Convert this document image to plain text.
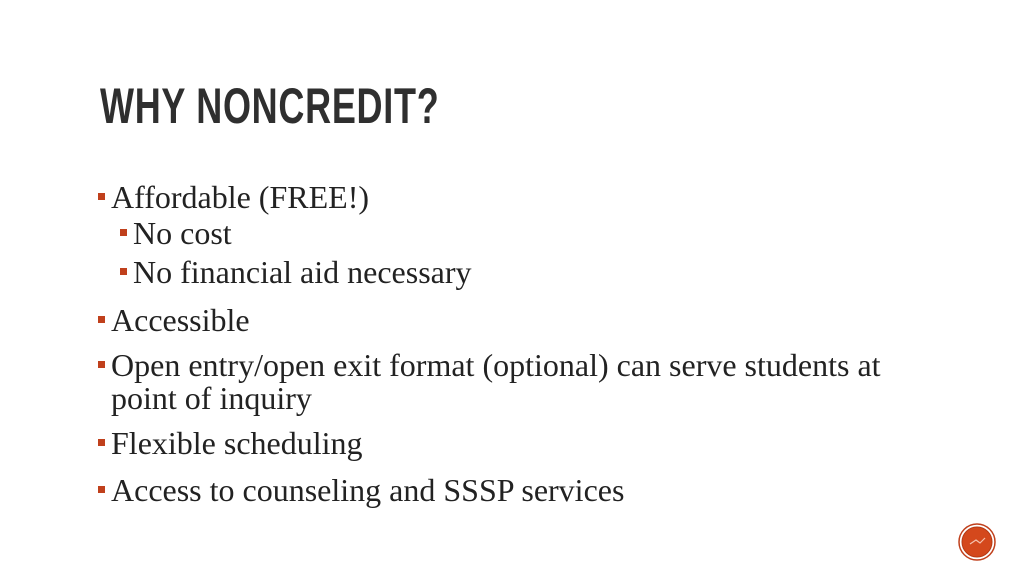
WHY NONCREDIT?
Affordable (FREE!)
No cost
No financial aid necessary
Accessible
Open entry/open exit format (optional) can serve students at point of inquiry
Flexible scheduling
Access to counseling and SSSP services
